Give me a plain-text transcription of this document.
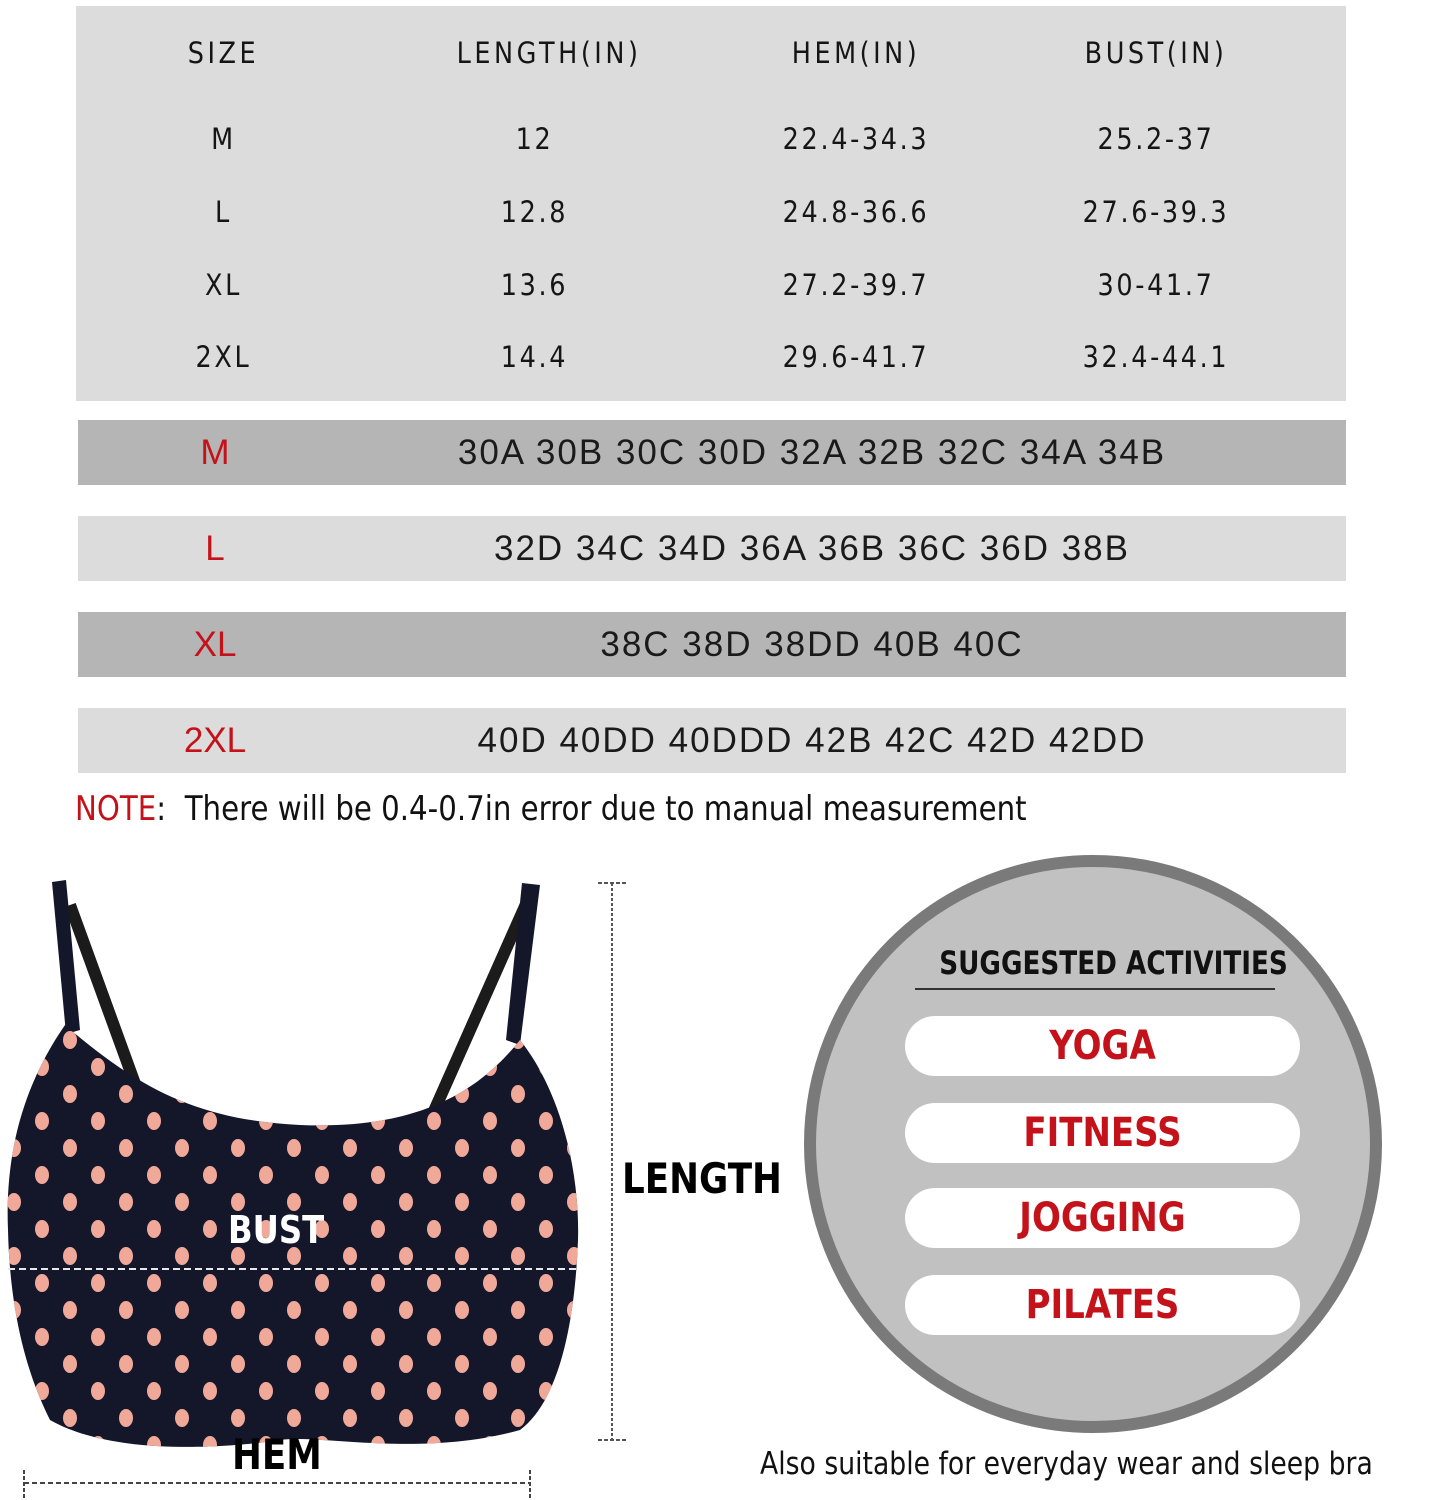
SIZE	LENGTH(IN)	HEM(IN)	BUST(IN)
M	12	22.4-34.3	25.2-37
L	12.8	24.8-36.6	27.6-39.3
XL	13.6	27.2-39.7	30-41.7
2XL	14.4	29.6-41.7	32.4-44.1
M	30A 30B 30C 30D 32A 32B 32C 34A 34B
L	32D 34C 34D 36A 36B 36C 36D 38B
XL	38C 38D 38DD 40B 40C
2XL	40D 40DD 40DDD 42B 42C 42D 42DD
NOTE: There will be 0.4-0.7in error due to manual measurement
BUST
HEM
LENGTH
SUGGESTED ACTIVITIES
YOGA
FITNESS
JOGGING
PILATES
Also suitable for everyday wear and sleep bra
